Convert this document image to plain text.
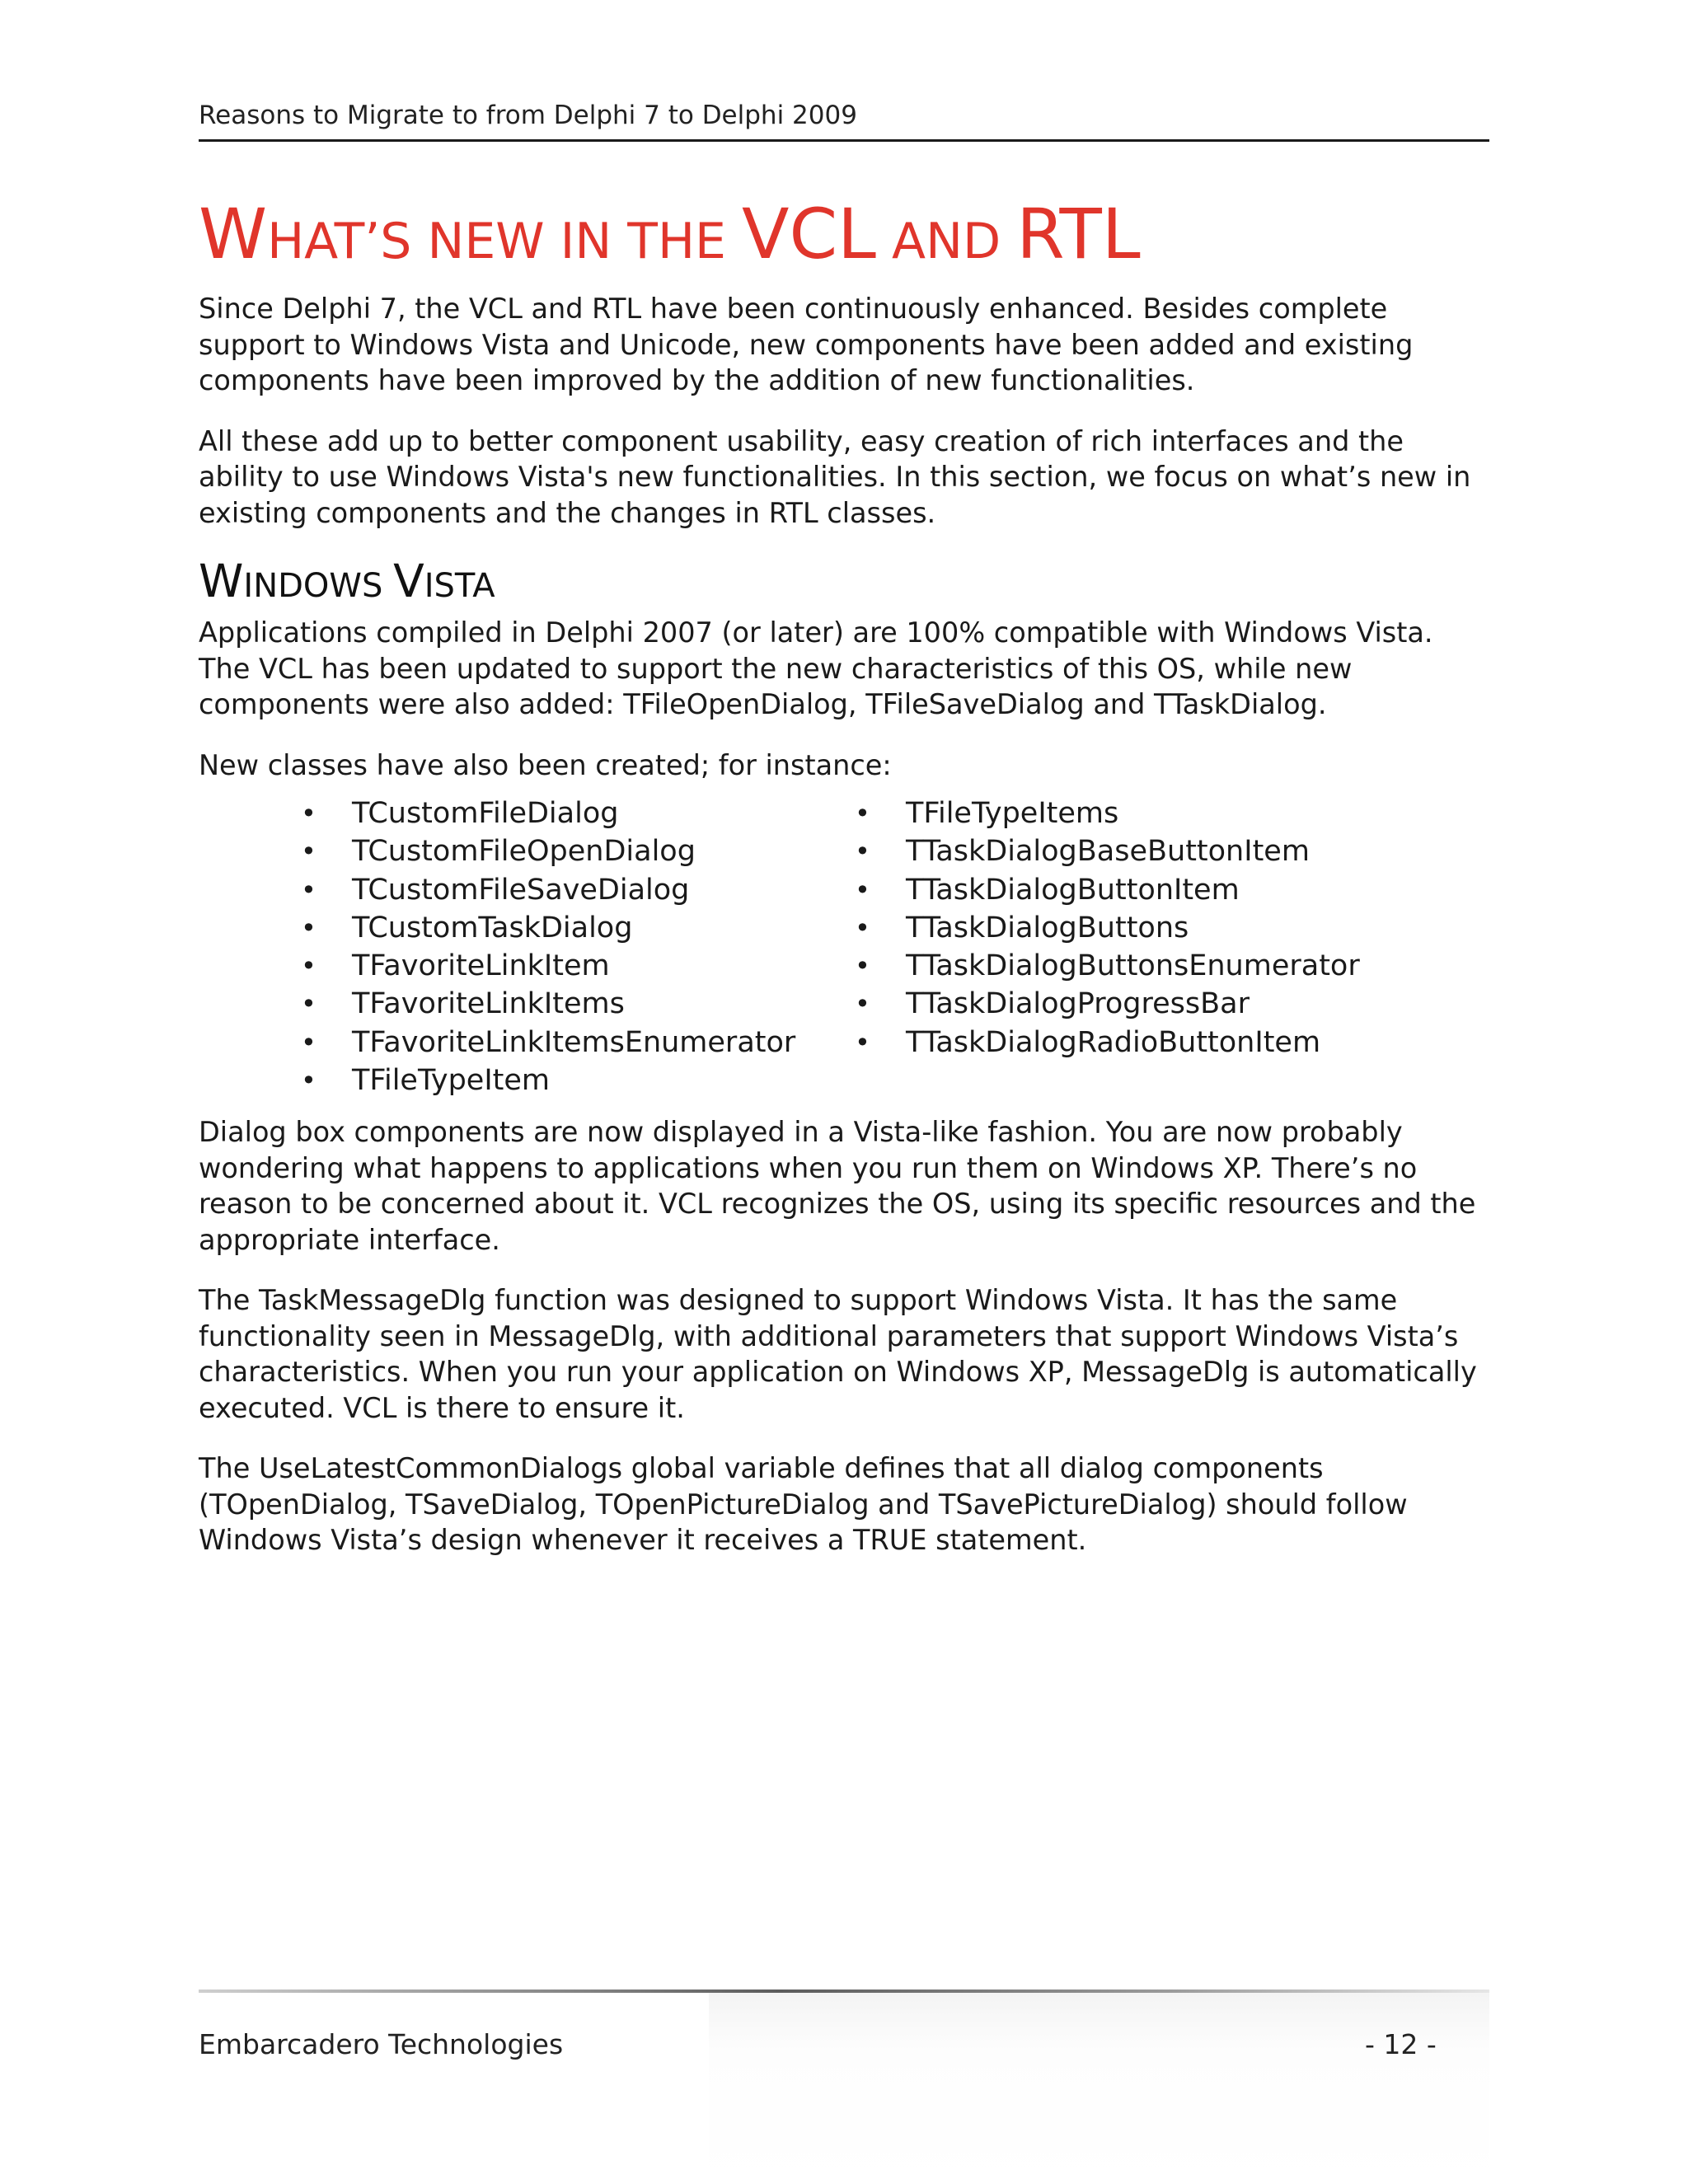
Reasons to Migrate to from Delphi 7 to Delphi 2009
WHAT’S NEW IN THE VCL AND RTL

Since Delphi 7, the VCL and RTL have been continuously enhanced. Besides complete support to Windows Vista and Unicode, new components have been added and existing components have been improved by the addition of new functionalities.

All these add up to better component usability, easy creation of rich interfaces and the ability to use Windows Vista's new functionalities. In this section, we focus on what’s new in existing components and the changes in RTL classes.

WINDOWS VISTA

Applications compiled in Delphi 2007 (or later) are 100% compatible with Windows Vista. The VCL has been updated to support the new characteristics of this OS, while new components were also added: TFileOpenDialog, TFileSaveDialog and TTaskDialog.

New classes have also been created; for instance:

•	TCustomFileDialog
•	TCustomFileOpenDialog
•	TCustomFileSaveDialog
•	TCustomTaskDialog
•	TFavoriteLinkItem
•	TFavoriteLinkItems
•	TFavoriteLinkItemsEnumerator
•	TFileTypeItem
•	TFileTypeItems
•	TTaskDialogBaseButtonItem
•	TTaskDialogButtonItem
•	TTaskDialogButtons
•	TTaskDialogButtonsEnumerator
•	TTaskDialogProgressBar
•	TTaskDialogRadioButtonItem

Dialog box components are now displayed in a Vista-like fashion. You are now probably wondering what happens to applications when you run them on Windows XP. There’s no reason to be concerned about it. VCL recognizes the OS, using its specific resources and the appropriate interface.

The TaskMessageDlg function was designed to support Windows Vista. It has the same functionality seen in MessageDlg, with additional parameters that support Windows Vista’s characteristics. When you run your application on Windows XP, MessageDlg is automatically executed. VCL is there to ensure it.

The UseLatestCommonDialogs global variable defines that all dialog components (TOpenDialog, TSaveDialog, TOpenPictureDialog and TSavePictureDialog) should follow Windows Vista’s design whenever it receives a TRUE statement.

Embarcadero Technologies	- 12 -
